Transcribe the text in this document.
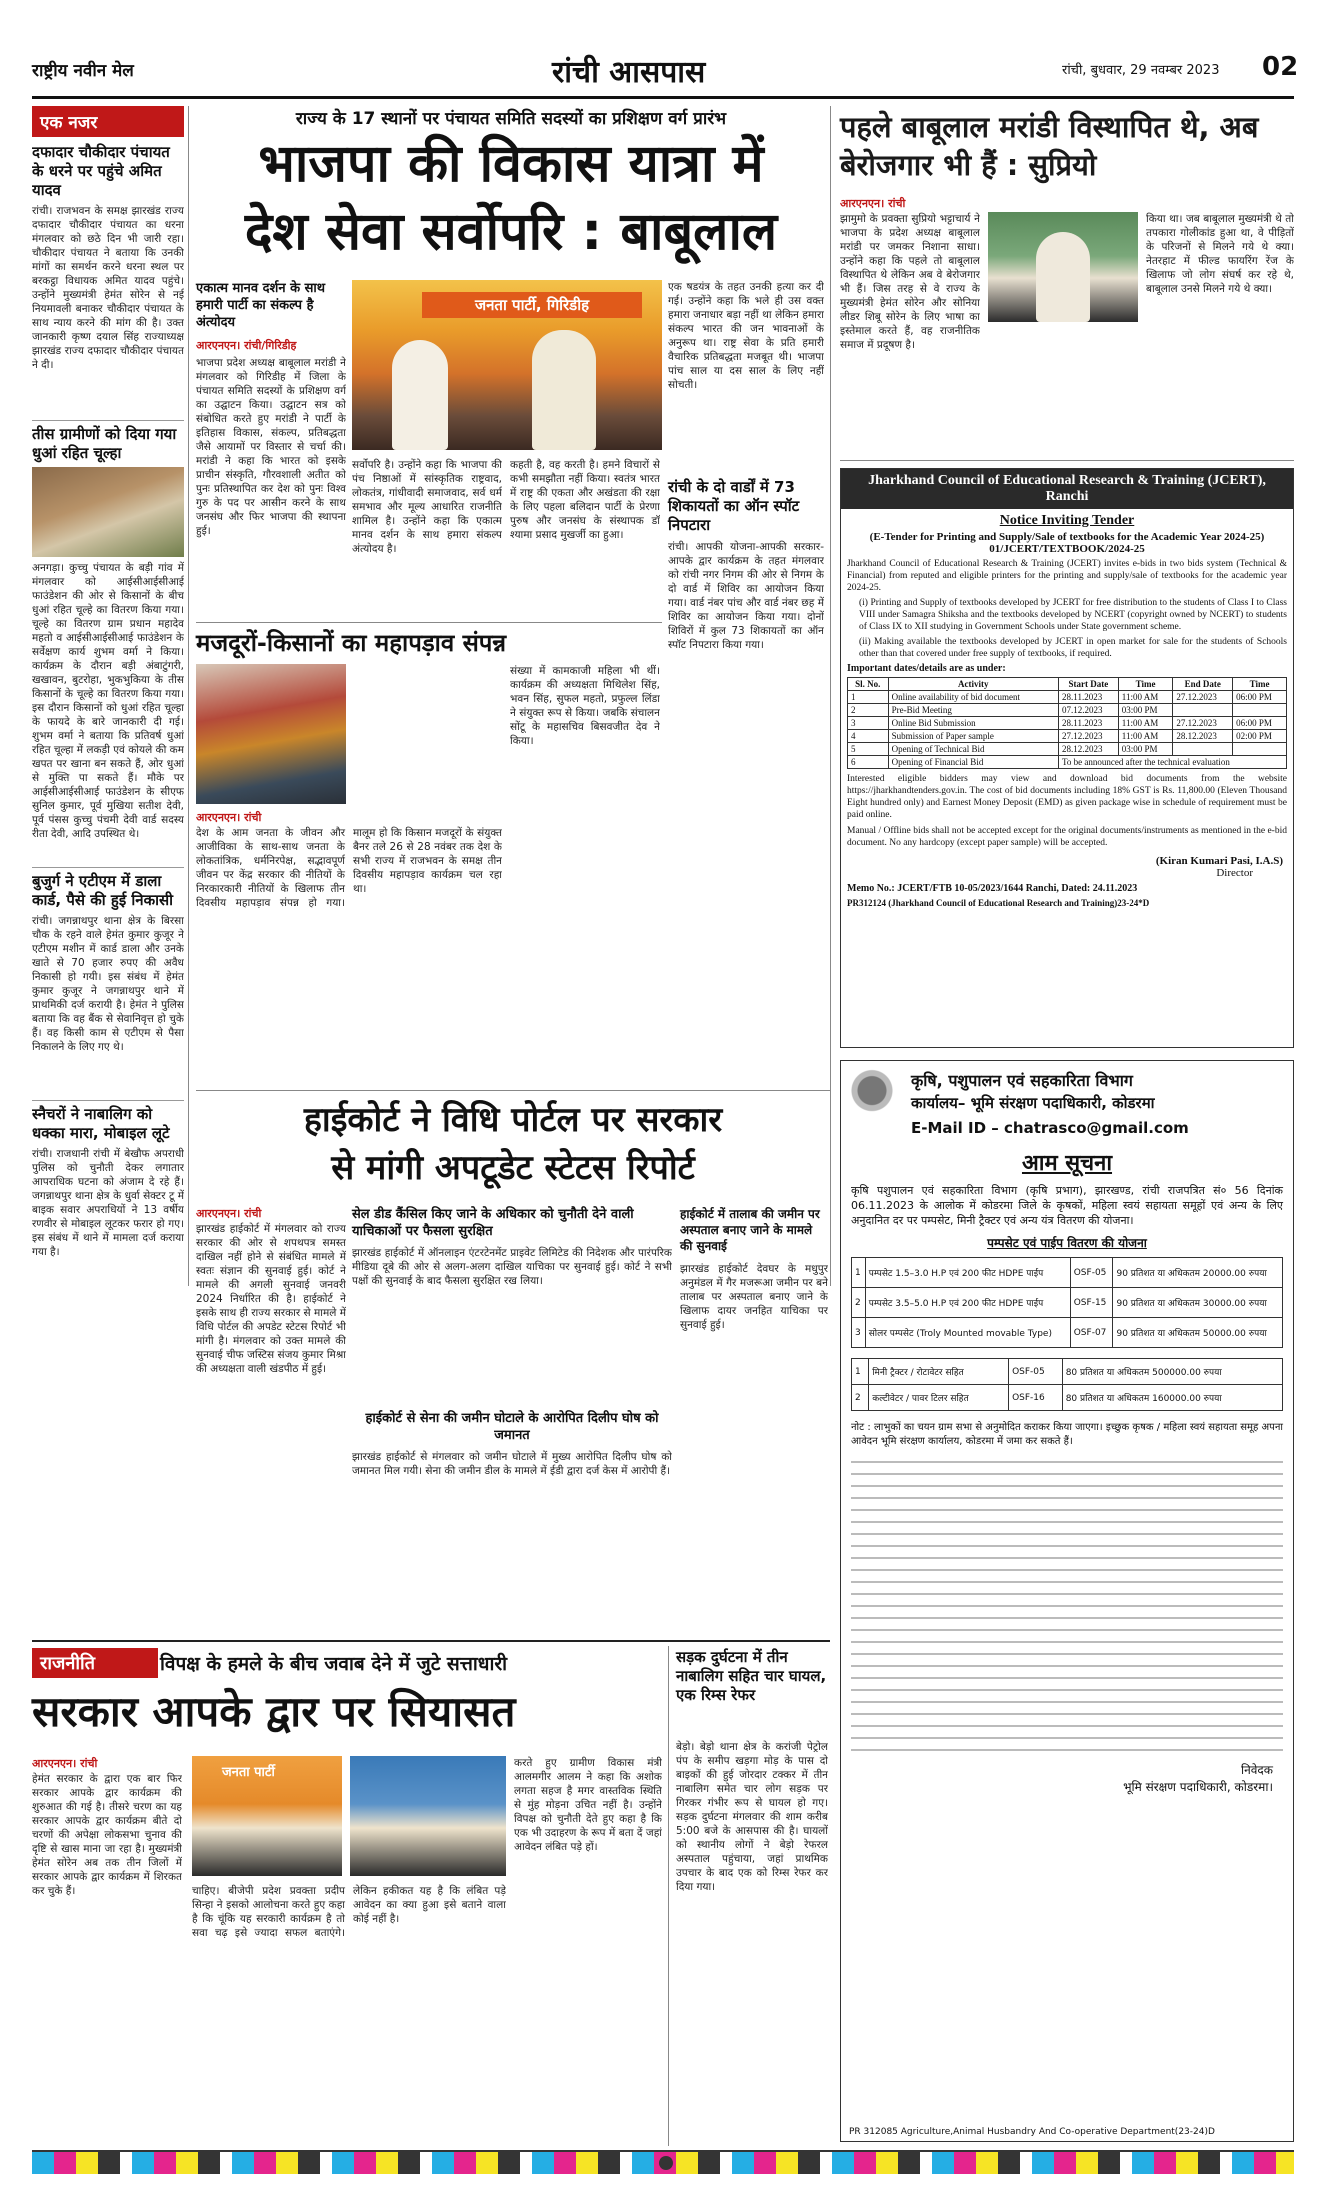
राष्ट्रीय नवीन मेल	रांची आसपास	रांची, बुधवार, 29 नवम्बर 2023 02
एक नजर
दफादार चौकीदार पंचायत के धरने पर पहुंचे अमित यादव
रांची। राजभवन के समक्ष झारखंड राज्य दफादार चौकीदार पंचायत का धरना मंगलवार को छठे दिन भी जारी रहा। चौकीदार पंचायत ने बताया कि उनकी मांगों का समर्थन करने धरना स्थल पर बरकट्ठा विधायक अमित यादव पहुंचे। उन्होंने मुख्यमंत्री हेमंत सोरेन से नई नियमावली बनाकर चौकीदार पंचायत के साथ न्याय करने की मांग की है। उक्त जानकारी कृष्ण दयाल सिंह राज्याध्यक्ष झारखंड राज्य दफादार चौकीदार पंचायत ने दी।
तीस ग्रामीणों को दिया गया धुआं रहित चूल्हा
अनगड़ा। कुच्चु पंचायत के बड़ी गांव में मंगलवार को आईसीआईसीआई फाउंडेशन की ओर से किसानों के बीच धुआं रहित चूल्हे का वितरण किया गया। चूल्हे का वितरण ग्राम प्रधान महादेव महतो व आईसीआईसीआई फाउंडेशन के सर्वेक्षण कार्य शुभम वर्मा ने किया। कार्यक्रम के दौरान बड़ी अंबाटुंगरी, खखावन, बुटरोहा, भुकभुकिया के तीस किसानों के चूल्हे का वितरण किया गया। इस दौरान किसानों को धुआं रहित चूल्हा के फायदे के बारे जानकारी दी गई। शुभम वर्मा ने बताया कि प्रतिवर्ष धुआं रहित चूल्हा में लकड़ी एवं कोयले की कम खपत पर खाना बन सकते हैं, ओर धुआं से मुक्ति पा सकते हैं। मौके पर आईसीआईसीआई फाउंडेशन के सीएफ सुनिल कुमार, पूर्व मुखिया सतीश देवी, पूर्व पंसस कुच्चु पंचमी देवी वार्ड सदस्य रीता देवी, आदि उपस्थित थे।
बुजुर्ग ने एटीएम में डाला कार्ड, पैसे की हुई निकासी
रांची। जगन्नाथपुर थाना क्षेत्र के बिरसा चौक के रहने वाले हेमंत कुमार कुजूर ने एटीएम मशीन में कार्ड डाला और उनके खाते से 70 हजार रुपए की अवैध निकासी हो गयी। इस संबंध में हेमंत कुमार कुजूर ने जगन्नाथपुर थाने में प्राथमिकी दर्ज करायी है। हेमंत ने पुलिस बताया कि वह बैंक से सेवानिवृत्त हो चुके हैं। वह किसी काम से एटीएम से पैसा निकालने के लिए गए थे।
स्नैचरों ने नाबालिग को धक्का मारा, मोबाइल लूटे
रांची। राजधानी रांची में बेखौफ अपराधी पुलिस को चुनौती देकर लगातार आपराधिक घटना को अंजाम दे रहे हैं। जगन्नाथपुर थाना क्षेत्र के धुर्वा सेक्टर टू में बाइक सवार अपराधियों ने 13 वर्षीय रणवीर से मोबाइल लूटकर फरार हो गए। इस संबंध में थाने में मामला दर्ज कराया गया है।
राज्य के 17 स्थानों पर पंचायत समिति सदस्यों का प्रशिक्षण वर्ग प्रारंभ
भाजपा की विकास यात्रा में
देश सेवा सर्वोपरि : बाबूलाल
एकात्म मानव दर्शन के साथ हमारी पार्टी का संकल्प है अंत्योदय
आरएनएन। रांची/गिरिडीह
भाजपा प्रदेश अध्यक्ष बाबूलाल मरांडी ने मंगलवार को गिरिडीह में जिला के पंचायत समिति सदस्यों के प्रशिक्षण वर्ग का उद्घाटन किया। उद्घाटन सत्र को संबोधित करते हुए मरांडी ने पार्टी के इतिहास विकास, संकल्प, प्रतिबद्धता जैसे आयामों पर विस्तार से चर्चा की। मरांडी ने कहा कि भारत को इसके प्राचीन संस्कृति, गौरवशाली अतीत को पुनः प्रतिस्थापित कर देश को पुनः विश्व गुरु के पद पर आसीन करने के साथ जनसंघ और फिर भाजपा की स्थापना हुई।
जनता पार्टी, गिरिडीह
सर्वोपरि है। उन्होंने कहा कि भाजपा की पंच निष्ठाओं में सांस्कृतिक राष्ट्रवाद, लोकतंत्र, गांधीवादी समाजवाद, सर्व धर्म समभाव और मूल्य आधारित राजनीति शामिल है। उन्होंने कहा कि एकात्म मानव दर्शन के साथ हमारा संकल्प अंत्योदय है।
कहती है, वह करती है। हमने विचारों से कभी समझौता नहीं किया। स्वतंत्र भारत में राष्ट्र की एकता और अखंडता की रक्षा के लिए पहला बलिदान पार्टी के प्रेरणा पुरुष और जनसंघ के संस्थापक डॉ श्यामा प्रसाद मुखर्जी का हुआ।
एक षडयंत्र के तहत उनकी हत्या कर दी गई। उन्होंने कहा कि भले ही उस वक्त हमारा जनाधार बड़ा नहीं था लेकिन हमारा संकल्प भारत की जन भावनाओं के अनुरूप था। राष्ट्र सेवा के प्रति हमारी वैचारिक प्रतिबद्धता मजबूत थी। भाजपा पांच साल या दस साल के लिए नहीं सोचती।
रांची के दो वार्डों में 73 शिकायतों का ऑन स्पॉट निपटारा
रांची। आपकी योजना-आपकी सरकार-आपके द्वार कार्यक्रम के तहत मंगलवार को रांची नगर निगम की ओर से निगम के दो वार्ड में शिविर का आयोजन किया गया। वार्ड नंबर पांच और वार्ड नंबर छह में शिविर का आयोजन किया गया। दोनों शिविरों में कुल 73 शिकायतों का ऑन स्पॉट निपटारा किया गया।
मजदूरों-किसानों का महापड़ाव संपन्न
आरएनएन। रांची
देश के आम जनता के जीवन और आजीविका के साथ-साथ जनता के लोकतांत्रिक, धर्मनिरपेक्ष, सद्भावपूर्ण जीवन पर केंद्र सरकार की नीतियों के निरकारकारी नीतियों के खिलाफ तीन दिवसीय महापड़ाव संपन्न हो गया। मालूम हो कि किसान मजदूरों के संयुक्त बैनर तले 26 से 28 नवंबर तक देश के सभी राज्य में राजभवन के समक्ष तीन दिवसीय महापड़ाव कार्यक्रम चल रहा था।
संख्या में कामकाजी महिला भी थीं। कार्यक्रम की अध्यक्षता मिथिलेश सिंह, भवन सिंह, सुफल महतो, प्रफुल्ल लिंडा ने संयुक्त रूप से किया। जबकि संचालन सोंटू के महासचिव बिसवजीत देव ने किया।
पहले बाबूलाल मरांडी विस्थापित थे, अब बेरोजगार भी हैं : सुप्रियो
आरएनएन। रांची
झामुमो के प्रवक्ता सुप्रियो भट्टाचार्य ने भाजपा के प्रदेश अध्यक्ष बाबूलाल मरांडी पर जमकर निशाना साधा। उन्होंने कहा कि पहले तो बाबूलाल विस्थापित थे लेकिन अब वे बेरोजगार भी हैं। जिस तरह से वे राज्य के मुख्यमंत्री हेमंत सोरेन और सोनिया लीडर शिबू सोरेन के लिए भाषा का इस्तेमाल करते हैं, वह राजनीतिक समाज में प्रदूषण है।
किया था। जब बाबूलाल मुख्यमंत्री थे तो तपकारा गोलीकांड हुआ था, वे पीड़ितों के परिजनों से मिलने गये थे क्या। नेतरहाट में फील्ड फायरिंग रेंज के खिलाफ जो लोग संघर्ष कर रहे थे, बाबूलाल उनसे मिलने गये थे क्या।
Jharkhand Council of Educational Research & Training (JCERT), Ranchi
Notice Inviting Tender
(E-Tender for Printing and Supply/Sale of textbooks for the Academic Year 2024-25) 01/JCERT/TEXTBOOK/2024-25
Jharkhand Council of Educational Research & Training (JCERT) invites e-bids in two bids system (Technical & Financial) from reputed and eligible printers for the printing and supply/sale of textbooks for the academic year 2024-25.
(i) Printing and Supply of textbooks developed by JCERT for free distribution to the students of Class I to Class VIII under Samagra Shiksha and the textbooks developed by NCERT (copyright owned by NCERT) to students of Class IX to XII studying in Government Schools under State government scheme.
(ii) Making available the textbooks developed by JCERT in open market for sale for the students of Schools other than that covered under free supply of textbooks, if required.
Important dates/details are as under:
Sl. No.	Activity	Start Date	Time	End Date	Time
1	Online availability of bid document	28.11.2023	11:00 AM	27.12.2023	06:00 PM
2	Pre-Bid Meeting	07.12.2023	03:00 PM		
3	Online Bid Submission	28.11.2023	11:00 AM	27.12.2023	06:00 PM
4	Submission of Paper sample	27.12.2023	11:00 AM	28.12.2023	02:00 PM
5	Opening of Technical Bid	28.12.2023	03:00 PM		
6	Opening of Financial Bid	To be announced after the technical evaluation			
Interested eligible bidders may view and download bid documents from the website https://jharkhandtenders.gov.in. The cost of bid documents including 18% GST is Rs. 11,800.00 (Eleven Thousand Eight hundred only) and Earnest Money Deposit (EMD) as given package wise in schedule of requirement must be paid online.
Manual / Offline bids shall not be accepted except for the original documents/instruments as mentioned in the e-bid document. No any hardcopy (except paper sample) will be accepted.
(Kiran Kumari Pasi, I.A.S)
Director
Memo No.: JCERT/FTB 10-05/2023/1644 Ranchi, Dated: 24.11.2023
PR312124 (Jharkhand Council of Educational Research and Training)23-24*D
हाईकोर्ट ने विधि पोर्टल पर सरकार
से मांगी अपटूडेट स्टेटस रिपोर्ट
आरएनएन। रांची
झारखंड हाईकोर्ट में मंगलवार को राज्य सरकार की ओर से शपथपत्र समस्त दाखिल नहीं होने से संबंधित मामले में स्वतः संज्ञान की सुनवाई हुई। कोर्ट ने मामले की अगली सुनवाई जनवरी 2024 निर्धारित की है। हाईकोर्ट ने इसके साथ ही राज्य सरकार से मामले में विधि पोर्टल की अपडेट स्टेटस रिपोर्ट भी मांगी है। मंगलवार को उक्त मामले की सुनवाई चीफ जस्टिस संजय कुमार मिश्रा की अध्यक्षता वाली खंडपीठ में हुई।
सेल डीड कैंसिल किए जाने के अधिकार को चुनौती देने वाली याचिकाओं पर फैसला सुरक्षित
झारखंड हाईकोर्ट में ऑनलाइन एंटरटेनमेंट प्राइवेट लिमिटेड की निदेशक और पारंपरिक मीडिया दूबे की ओर से अलग-अलग दाखिल याचिका पर सुनवाई हुई। कोर्ट ने सभी पक्षों की सुनवाई के बाद फैसला सुरक्षित रख लिया।
हाईकोर्ट से सेना की जमीन घोटाले के आरोपित दिलीप घोष को जमानत
झारखंड हाईकोर्ट से मंगलवार को जमीन घोटाले में मुख्य आरोपित दिलीप घोष को जमानत मिल गयी। सेना की जमीन डील के मामले में ईडी द्वारा दर्ज केस में आरोपी हैं।
हाईकोर्ट में तालाब की जमीन पर अस्पताल बनाए जाने के मामले की सुनवाई
झारखंड हाईकोर्ट देवघर के मधुपुर अनुमंडल में गैर मजरूआ जमीन पर बने तालाब पर अस्पताल बनाए जाने के खिलाफ दायर जनहित याचिका पर सुनवाई हुई।
कृषि, पशुपालन एवं सहकारिता विभाग
कार्यालय– भूमि संरक्षण पदाधिकारी, कोडरमा
E-Mail ID – chatrasco@gmail.com
आम सूचना
कृषि पशुपालन एवं सहकारिता विभाग (कृषि प्रभाग), झारखण्ड, रांची राजपत्रित सं० 56 दिनांक 06.11.2023 के आलोक में कोडरमा जिले के कृषकों, महिला स्वयं सहायता समूहों एवं अन्य के लिए अनुदानित दर पर पम्पसेट, मिनी ट्रैक्टर एवं अन्य यंत्र वितरण की योजना।
पम्पसेट एवं पाईप वितरण की योजना
1	पम्पसेट 1.5–3.0 H.P एवं 200 फीट HDPE पाईप	OSF-05	90 प्रतिशत या अधिकतम 20000.00 रुपया
2	पम्पसेट 3.5–5.0 H.P एवं 200 फीट HDPE पाईप	OSF-15	90 प्रतिशत या अधिकतम 30000.00 रुपया
3	सोलर पम्पसेट (Troly Mounted movable Type)	OSF-07	90 प्रतिशत या अधिकतम 50000.00 रुपया
1	मिनी ट्रैक्टर / रोटावेटर सहित	OSF-05	80 प्रतिशत या अधिकतम 500000.00 रुपया
2	कल्टीवेटर / पावर टिलर सहित	OSF-16	80 प्रतिशत या अधिकतम 160000.00 रुपया
नोट : लाभुकों का चयन ग्राम सभा से अनुमोदित कराकर किया जाएगा। इच्छुक कृषक / महिला स्वयं सहायता समूह अपना आवेदन भूमि संरक्षण कार्यालय, कोडरमा में जमा कर सकते हैं।
निवेदक
भूमि संरक्षण पदाधिकारी, कोडरमा।
PR 312085 Agriculture,Animal Husbandry And Co-operative Department(23-24)D
राजनीति	विपक्ष के हमले के बीच जवाब देने में जुटे सत्ताधारी
सरकार आपके द्वार पर सियासत
आरएनएन। रांची
हेमंत सरकार के द्वारा एक बार फिर सरकार आपके द्वार कार्यक्रम की शुरुआत की गई है। तीसरे चरण का यह सरकार आपके द्वार कार्यक्रम बीते दो चरणों की अपेक्षा लोकसभा चुनाव की दृष्टि से खास माना जा रहा है। मुख्यमंत्री हेमंत सोरेन अब तक तीन जिलों में सरकार आपके द्वार कार्यक्रम में शिरकत कर चुके हैं।
जनता पार्टी
चाहिए। बीजेपी प्रदेश प्रवक्ता प्रदीप सिन्हा ने इसको आलोचना करते हुए कहा है कि चूंकि यह सरकारी कार्यक्रम है तो सवा चढ़ इसे ज्यादा सफल बताएंगे। लेकिन हकीकत यह है कि लंबित पड़े आवेदन का क्या हुआ इसे बताने वाला कोई नहीं है।
करते हुए ग्रामीण विकास मंत्री आलमगीर आलम ने कहा कि अशोक लगता सहज है मगर वास्तविक स्थिति से मुंह मोड़ना उचित नहीं है। उन्होंने विपक्ष को चुनौती देते हुए कहा है कि एक भी उदाहरण के रूप में बता दें जहां आवेदन लंबित पड़े हों।
सड़क दुर्घटना में तीन नाबालिग सहित चार घायल, एक रिम्स रेफर
बेड़ो। बेड़ो थाना क्षेत्र के करांजी पेट्रोल पंप के समीप खड़गा मोड़ के पास दो बाइकों की हुई जोरदार टक्कर में तीन नाबालिग समेत चार लोग सड़क पर गिरकर गंभीर रूप से घायल हो गए। सड़क दुर्घटना मंगलवार की शाम करीब 5:00 बजे के आसपास की है। घायलों को स्थानीय लोगों ने बेड़ो रेफरल अस्पताल पहुंचाया, जहां प्राथमिक उपचार के बाद एक को रिम्स रेफर कर दिया गया।
